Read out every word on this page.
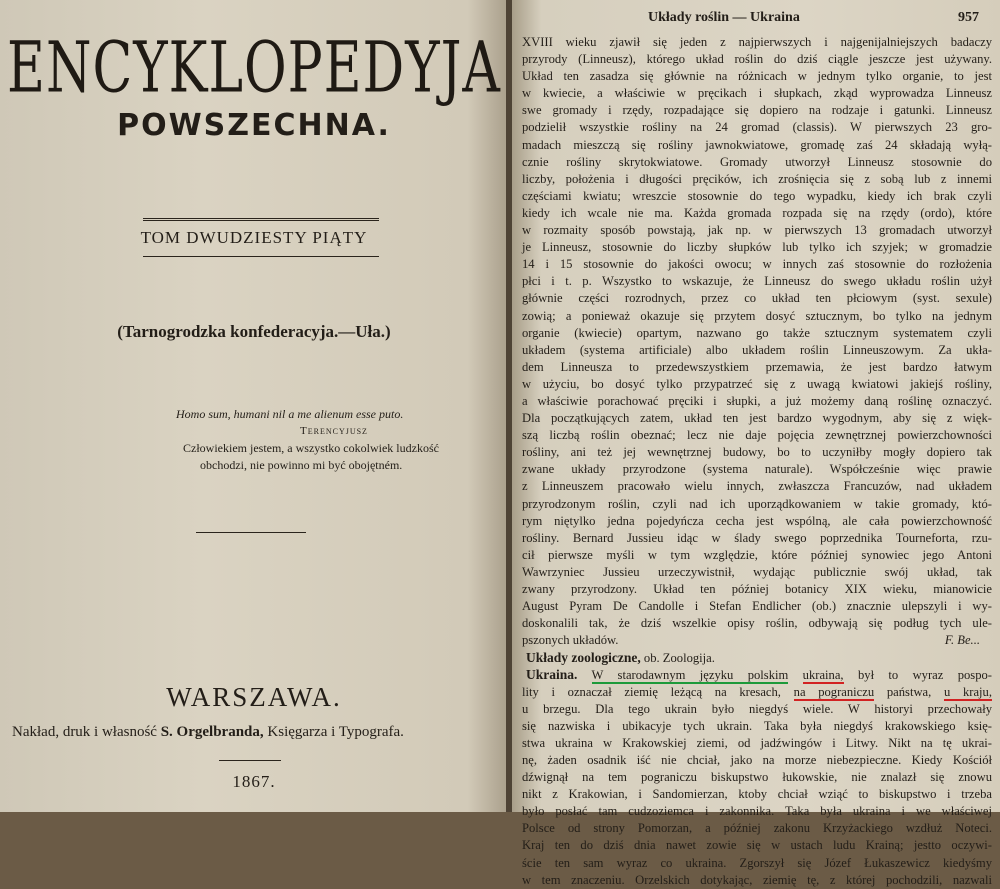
ENCYKLOPEDYJA
POWSZECHNA.
TOM DWUDZIESTY PIĄTY
(Tarnogrodzka konfederacyja.—Uła.)
Homo sum, humani nil a me alienum esse puto.
Terencyjusz
Człowiekiem jestem, a wszystko cokolwiek ludzkość
obchodzi, nie powinno mi być obojętném.
WARSZAWA.
Nakład, druk i własność S. Orgelbranda, Księgarza i Typografa.
1867.
Układy roślin — Ukraina	957
XVIII wieku zjawił się jeden z najpierwszych i najgenijalniejszych badaczy
przyrody (Linneusz), którego układ roślin do dziś ciągle jeszcze jest używany.
Układ ten zasadza się głównie na różnicach w jednym tylko organie, to jest
w kwiecie, a właściwie w pręcikach i słupkach, zkąd wyprowadza Linneusz
swe gromady i rzędy, rozpadające się dopiero na rodzaje i gatunki. Linneusz
podzielił wszystkie rośliny na 24 gromad (classis). W pierwszych 23 gro-
madach mieszczą się rośliny jawnokwiatowe, gromadę zaś 24 składają wyłą-
cznie rośliny skrytokwiatowe. Gromady utworzył Linneusz stosownie do
liczby, położenia i długości pręcików, ich zrośnięcia się z sobą lub z innemi
częściami kwiatu; wreszcie stosownie do tego wypadku, kiedy ich brak czyli
kiedy ich wcale nie ma. Każda gromada rozpada się na rzędy (ordo), które
w rozmaity sposób powstają, jak np. w pierwszych 13 gromadach utworzył
je Linneusz, stosownie do liczby słupków lub tylko ich szyjek; w gromadzie
14 i 15 stosownie do jakości owocu; w innych zaś stosownie do rozłożenia
płci i t. p. Wszystko to wskazuje, że Linneusz do swego układu roślin użył
głównie części rozrodnych, przez co układ ten płciowym (syst. sexule)
zowią; a ponieważ okazuje się przytem dosyć sztucznym, bo tylko na jednym
organie (kwiecie) opartym, nazwano go także sztucznym systematem czyli
układem (systema artificiale) albo układem roślin Linneuszowym. Za ukła-
dem Linneusza to przedewszystkiem przemawia, że jest bardzo łatwym
w użyciu, bo dosyć tylko przypatrzeć się z uwagą kwiatowi jakiejś rośliny,
a właściwie porachować pręciki i słupki, a już możemy daną roślinę oznaczyć.
Dla początkujących zatem, układ ten jest bardzo wygodnym, aby się z więk-
szą liczbą roślin obeznać; lecz nie daje pojęcia zewnętrznej powierzchowności
rośliny, ani też jej wewnętrznej budowy, bo to uczyniłby mogły dopiero tak
zwane układy przyrodzone (systema naturale). Współcześnie więc prawie
z Linneuszem pracowało wielu innych, zwłaszcza Francuzów, nad układem
przyrodzonym roślin, czyli nad ich uporządkowaniem w takie gromady, któ-
rym niętylko jedna pojedyńcza cecha jest wspólną, ale cała powierzchowność
rośliny. Bernard Jussieu idąc w ślady swego poprzednika Tourneforta, rzu-
cił pierwsze myśli w tym względzie, które później synowiec jego Antoni
Wawrzyniec Jussieu urzeczywistnił, wydając publicznie swój układ, tak
zwany przyrodzony. Układ ten później botanicy XIX wieku, mianowicie
August Pyram De Candolle i Stefan Endlicher (ob.) znacznie ulepszyli i wy-
doskonalili tak, że dziś wszelkie opisy roślin, odbywają się podług tych ule-
pszonych układów.	F. Be...
Układy zoologiczne, ob. Zoologija.
Ukraina. W starodawnym języku polskim ukraina, był to wyraz pospo-
lity i oznaczał ziemię leżącą na kresach, na pograniczu państwa, u kraju,
u brzegu. Dla tego ukrain było niegdyś wiele. W historyi przechowały
się nazwiska i ubikacyje tych ukrain. Taka była niegdyś krakowskiego księ-
stwa ukraina w Krakowskiej ziemi, od jadźwingów i Litwy. Nikt na tę ukrai-
nę, żaden osadnik iść nie chciał, jako na morze niebezpieczne. Kiedy Kościół
dźwignął na tem pograniczu biskupstwo łukowskie, nie znalazł się znowu
nikt z Krakowian, i Sandomierzan, ktoby chciał wziąć to biskupstwo i trzeba
było posłać tam cudzoziemca i zakonnika. Taka była ukraina i we właściwej
Polsce od strony Pomorzan, a później zakonu Krzyżackiego wzdłuż Noteci.
Kraj ten do dziś dnia nawet zowie się w ustach ludu Krainą; jestto oczywi-
ście ten sam wyraz co ukraina. Zgorszył się Józef Łukaszewicz kiedyśmy
w tem znaczeniu. Orzelskich dotykając, ziemię tę, z której pochodzili, nazwali
